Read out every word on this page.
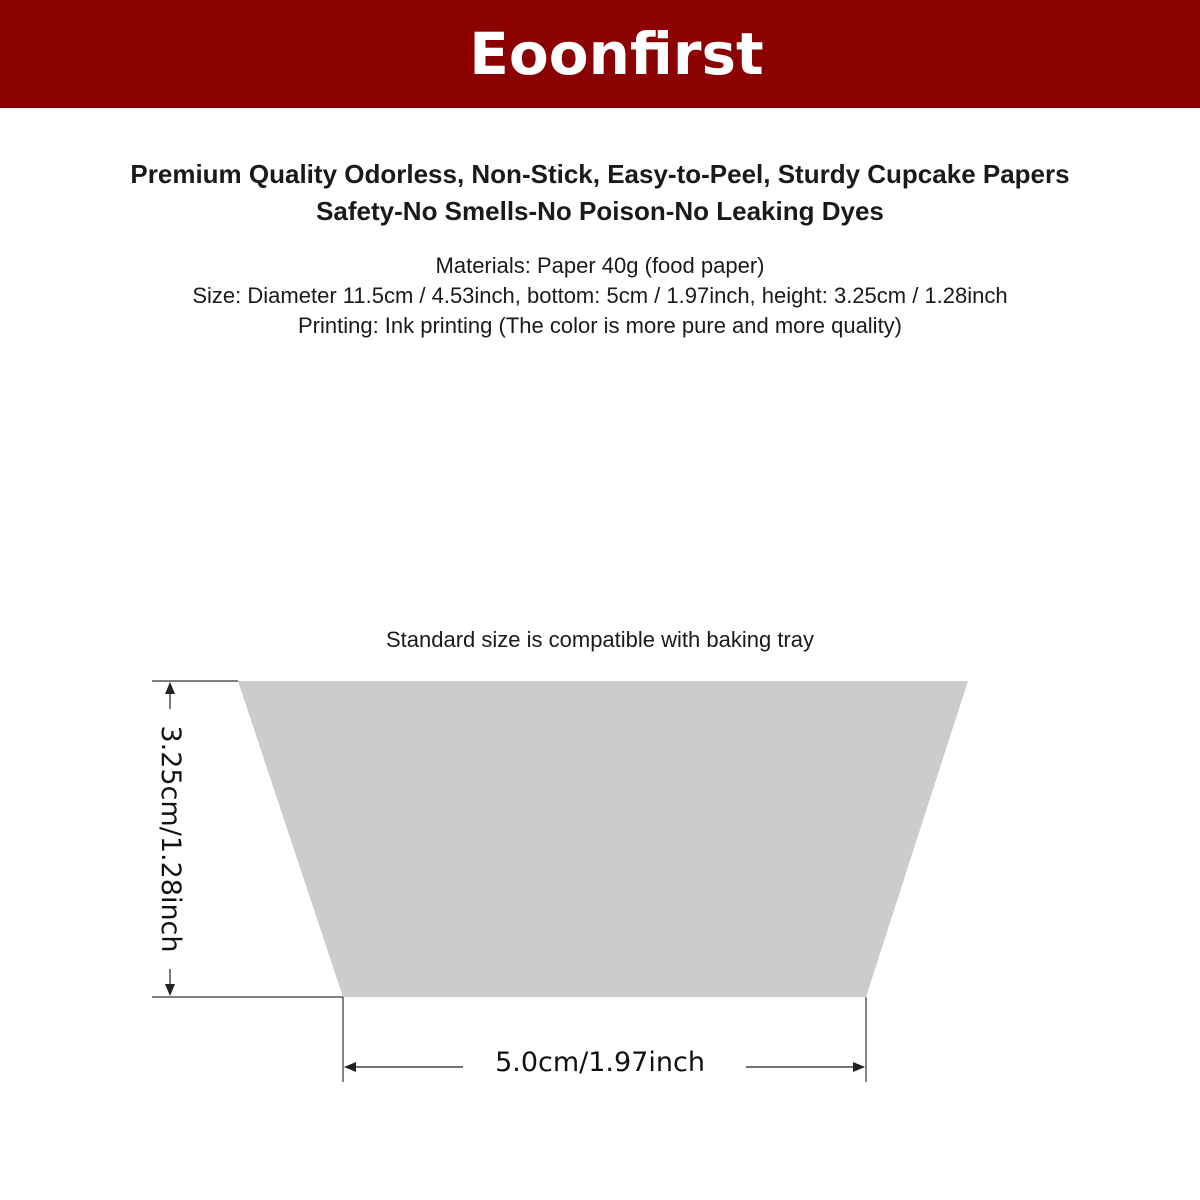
Eoonfirst
Premium Quality Odorless, Non-Stick, Easy-to-Peel, Sturdy Cupcake Papers
Safety-No Smells-No Poison-No Leaking Dyes
Materials: Paper 40g (food paper)
Size: Diameter 11.5cm / 4.53inch, bottom: 5cm / 1.97inch, height: 3.25cm / 1.28inch
Printing: Ink printing (The color is more pure and more quality)
Standard size is compatible with baking tray
3.25cm/1.28inch
5.0cm/1.97inch
